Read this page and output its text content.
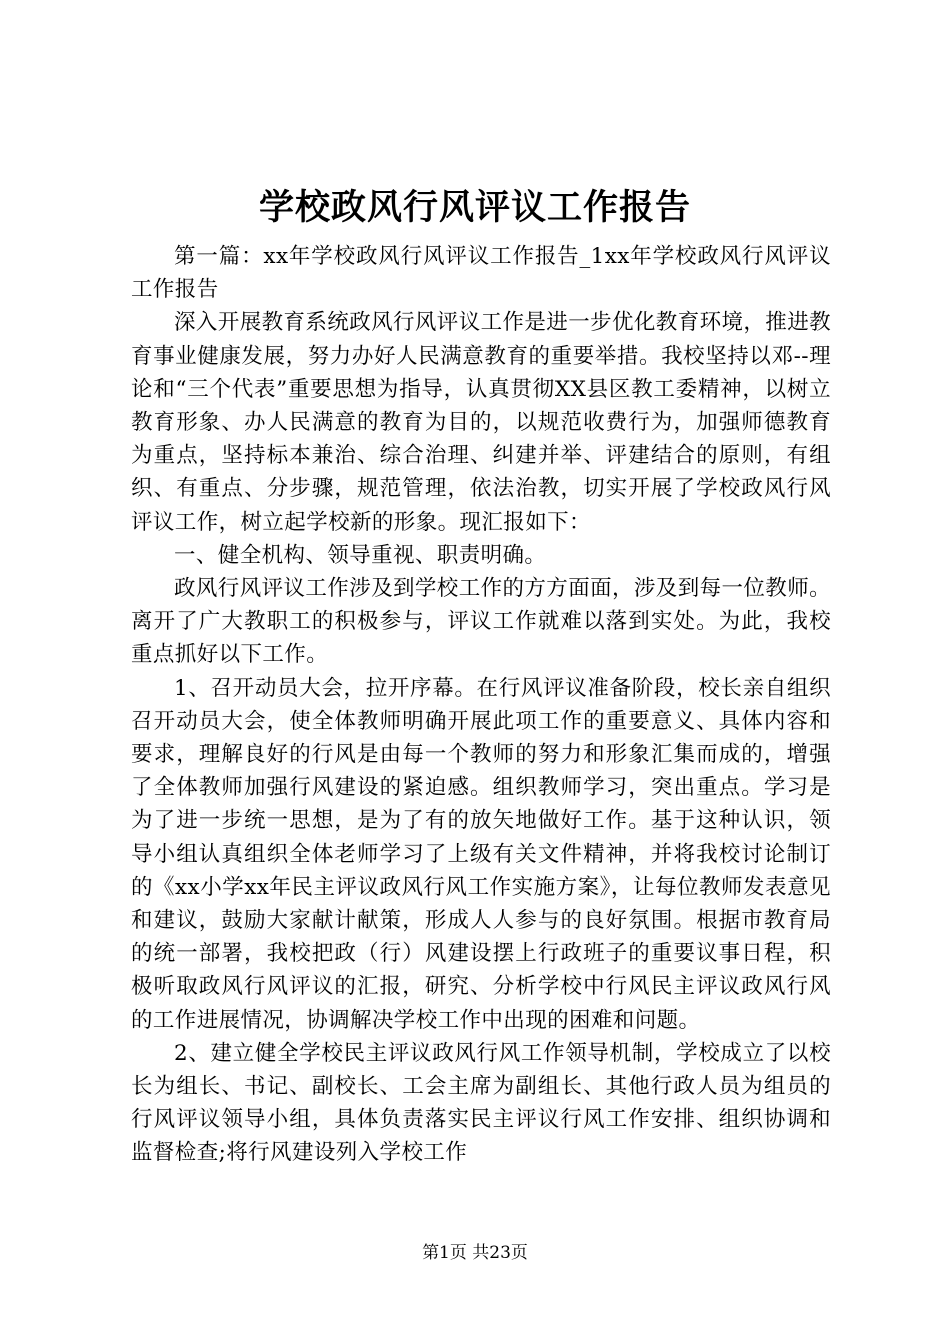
学校政风行风评议工作报告

第一篇：xx年学校政风行风评议工作报告_1xx年学校政风行风评议工作报告

深入开展教育系统政风行风评议工作是进一步优化教育环境，推进教育事业健康发展，努力办好人民满意教育的重要举措。我校坚持以邓--理论和“三个代表”重要思想为指导，认真贯彻XX县区教工委精神，以树立教育形象、办人民满意的教育为目的，以规范收费行为，加强师德教育为重点，坚持标本兼治、综合治理、纠建并举、评建结合的原则，有组织、有重点、分步骤，规范管理，依法治教，切实开展了学校政风行风评议工作，树立起学校新的形象。现汇报如下：

一、健全机构、领导重视、职责明确。

政风行风评议工作涉及到学校工作的方方面面，涉及到每一位教师。离开了广大教职工的积极参与，评议工作就难以落到实处。为此，我校重点抓好以下工作。

1、召开动员大会，拉开序幕。在行风评议准备阶段，校长亲自组织召开动员大会，使全体教师明确开展此项工作的重要意义、具体内容和要求，理解良好的行风是由每一个教师的努力和形象汇集而成的，增强了全体教师加强行风建设的紧迫感。组织教师学习，突出重点。学习是为了进一步统一思想，是为了有的放矢地做好工作。基于这种认识，领导小组认真组织全体老师学习了上级有关文件精神，并将我校讨论制订的《xx小学xx年民主评议政风行风工作实施方案》，让每位教师发表意见和建议，鼓励大家献计献策，形成人人参与的良好氛围。根据市教育局的统一部署，我校把政（行）风建设摆上行政班子的重要议事日程，积极听取政风行风评议的汇报，研究、分析学校中行风民主评议政风行风的工作进展情况，协调解决学校工作中出现的困难和问题。

2、建立健全学校民主评议政风行风工作领导机制，学校成立了以校长为组长、书记、副校长、工会主席为副组长、其他行政人员为组员的行风评议领导小组，具体负责落实民主评议行风工作安排、组织协调和监督检查;将行风建设列入学校工作

第1页 共23页
